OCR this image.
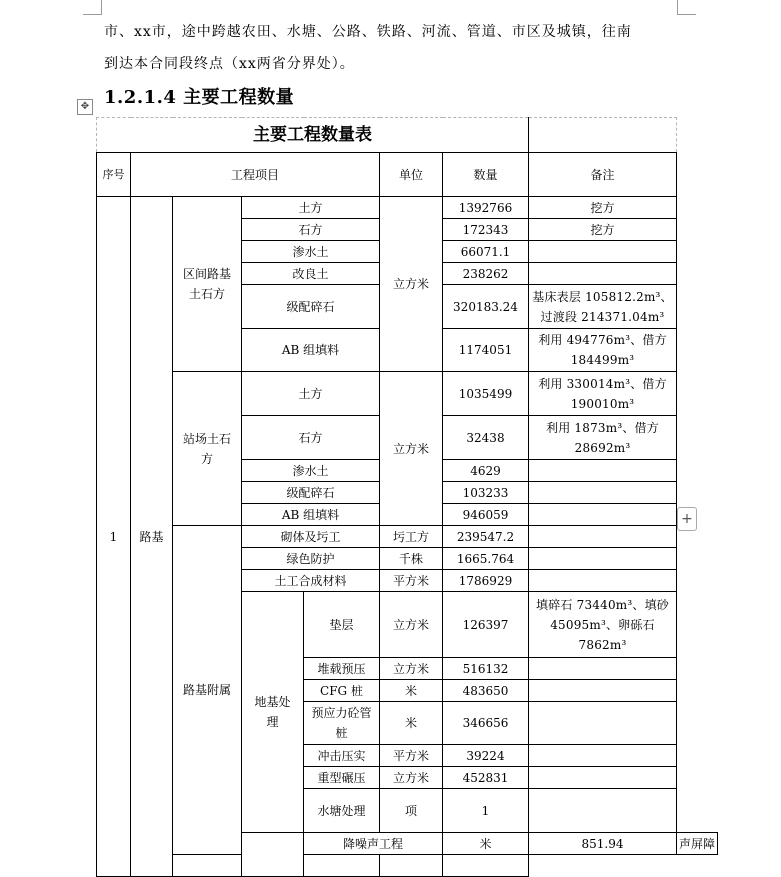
市、xx市，途中跨越农田、水塘、公路、铁路、河流、管道、市区及城镇，往南
到达本合同段终点（xx两省分界处）。
1.2.1.4 主要工程数量
✥
主要工程数量表								
序号	工程项目				单位	数量	备注	
1	路基	区间路基土石方	土方		立方米	1392766	挖方	
			石方			172343	挖方	
			渗水土			66071.1		
			改良土			238262		
			级配碎石			320183.24	基床表层 105812.2m³、过渡段 214371.04m³	
			AB 组填料			1174051	利用 494776m³、借方 184499m³	
		站场土石方	土方		立方米	1035499	利用 330014m³、借方 190010m³	
			石方			32438	利用 1873m³、借方 28692m³	
			渗水土			4629		
			级配碎石			103233		
			AB 组填料			946059		
		路基附属	砌体及圬工		圬工方	239547.2		
			绿色防护		千株	1665.764		
			土工合成材料		平方米	1786929		
			地基处理	垫层	立方米	126397	填碎石 73440m³、填砂 45095m³、卵砾石 7862m³	
				堆载预压	立方米	516132		
				CFG 桩	米	483650		
				预应力砼管桩	米	346656		
				冲击压实	平方米	39224		
				重型碾压	立方米	452831		
				水塘处理	项	1		
				降噪声工程		米	851.94	声屏障

+
